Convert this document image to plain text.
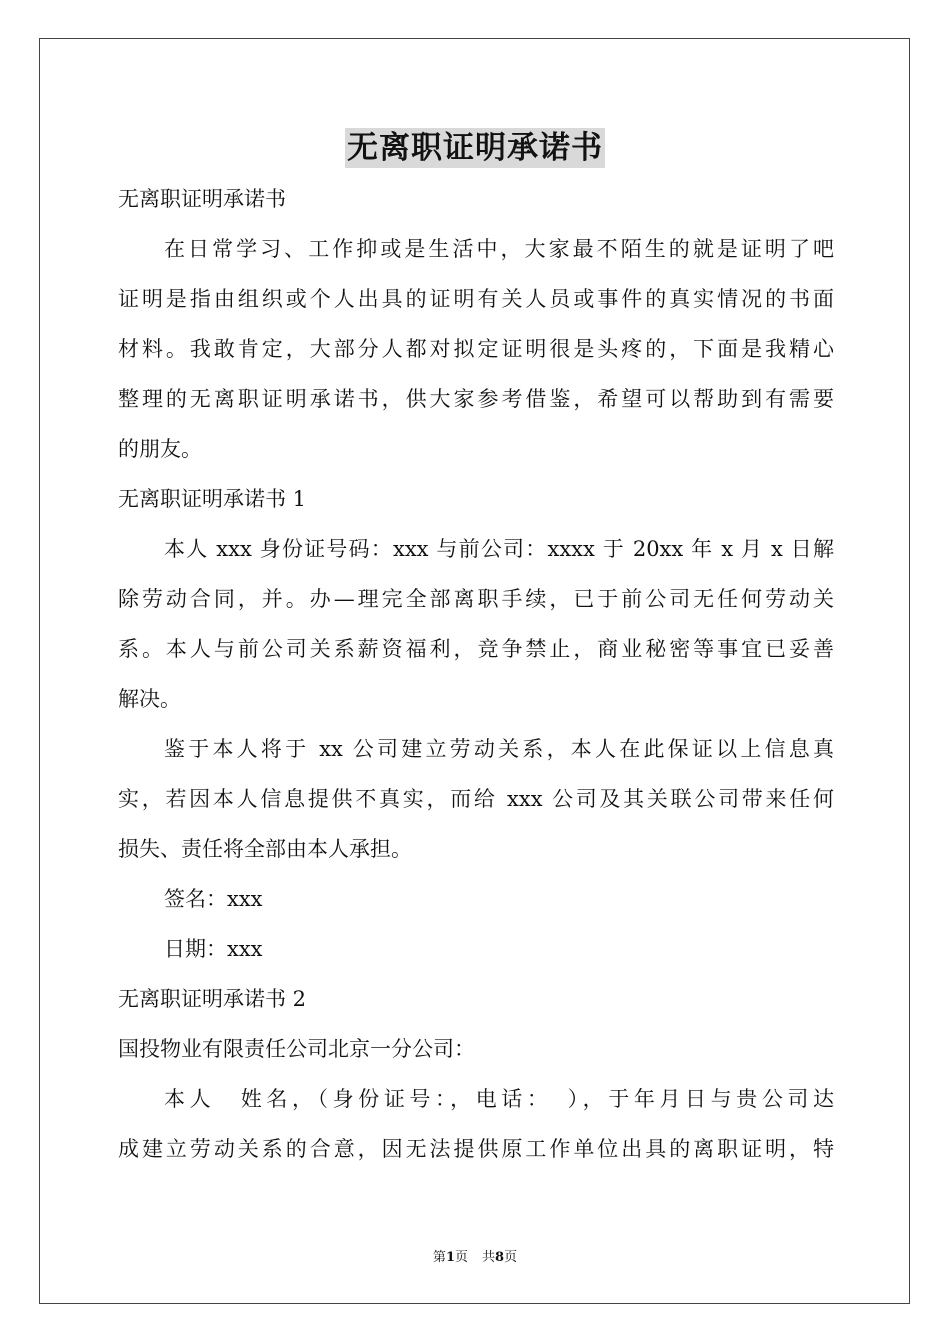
无离职证明承诺书

无离职证明承诺书

在日常学习、工作抑或是生活中，大家最不陌生的就是证明了吧

证明是指由组织或个人出具的证明有关人员或事件的真实情况的书面

材料。我敢肯定，大部分人都对拟定证明很是头疼的，下面是我精心

整理的无离职证明承诺书，供大家参考借鉴，希望可以帮助到有需要

的朋友。

无离职证明承诺书 1

本人 xxx 身份证号码：xxx 与前公司：xxxx 于 20xx 年 x 月 x 日解

除劳动合同，并。办—理完全部离职手续，已于前公司无任何劳动关

系。本人与前公司关系薪资福利，竞争禁止，商业秘密等事宜已妥善

解决。

鉴于本人将于 xx 公司建立劳动关系，本人在此保证以上信息真

实，若因本人信息提供不真实，而给 xxx 公司及其关联公司带来任何

损失、责任将全部由本人承担。

签名：xxx

日期：xxx

无离职证明承诺书 2

国投物业有限责任公司北京一分公司：

本人　姓名，（身份证号：，电话：　），于年月日与贵公司达

成建立劳动关系的合意，因无法提供原工作单位出具的离职证明，特

第1页 共8页
